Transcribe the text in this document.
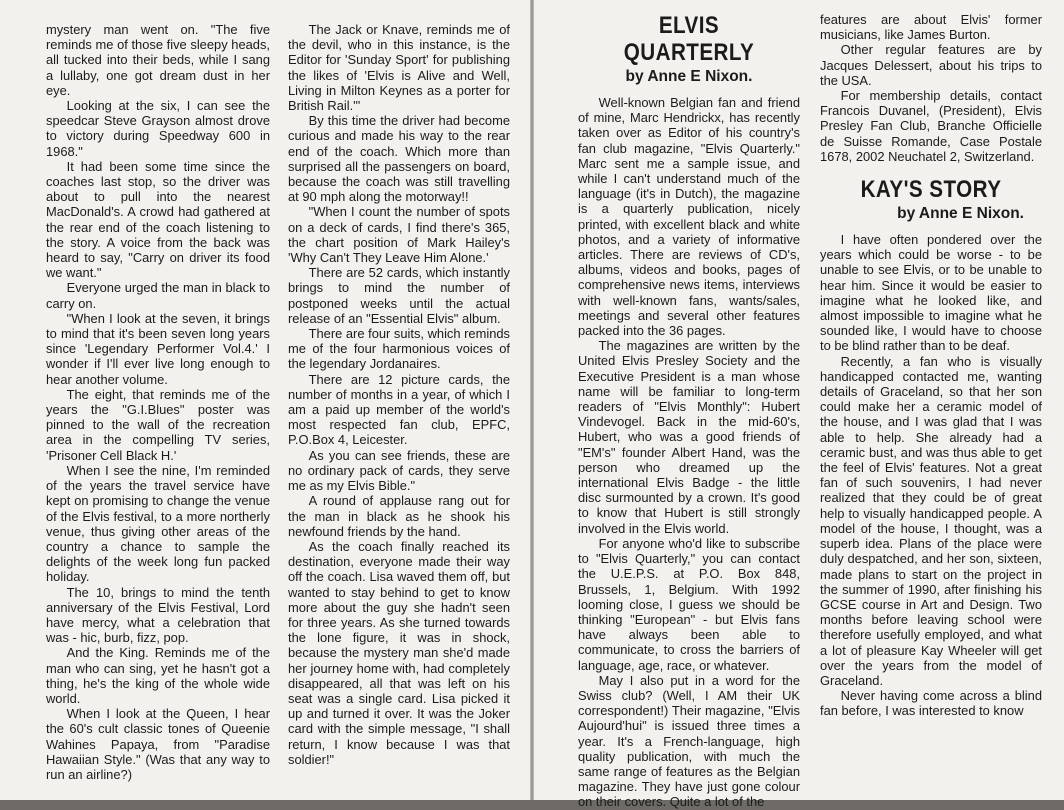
mystery man went on. "The five reminds me of those five sleepy heads, all tucked into their beds, while I sang a lullaby, one got dream dust in her eye.

Looking at the six, I can see the speedcar Steve Grayson almost drove to victory during Speedway 600 in 1968."

It had been some time since the coaches last stop, so the driver was about to pull into the nearest MacDonald's. A crowd had gathered at the rear end of the coach listening to the story. A voice from the back was heard to say, "Carry on driver its food we want."

Everyone urged the man in black to carry on.

"When I look at the seven, it brings to mind that it's been seven long years since 'Legendary Performer Vol.4.' I wonder if I'll ever live long enough to hear another volume.

The eight, that reminds me of the years the "G.I.Blues" poster was pinned to the wall of the recreation area in the compelling TV series, 'Prisoner Cell Black H.'

When I see the nine, I'm reminded of the years the travel service have kept on promising to change the venue of the Elvis festival, to a more northerly venue, thus giving other areas of the country a chance to sample the delights of the week long fun packed holiday.

The 10, brings to mind the tenth anniversary of the Elvis Festival, Lord have mercy, what a celebration that was - hic, burb, fizz, pop.

And the King. Reminds me of the man who can sing, yet he hasn't got a thing, he's the king of the whole wide world.

When I look at the Queen, I hear the 60's cult classic tones of Queenie Wahines Papaya, from "Paradise Hawaiian Style." (Was that any way to run an airline?)

The Jack or Knave, reminds me of the devil, who in this instance, is the Editor for 'Sunday Sport' for publishing the likes of 'Elvis is Alive and Well, Living in Milton Keynes as a porter for British Rail.'"

By this time the driver had become curious and made his way to the rear end of the coach. Which more than surprised all the passengers on board, because the coach was still travelling at 90 mph along the motorway!!

"When I count the number of spots on a deck of cards, I find there's 365, the chart position of Mark Hailey's 'Why Can't They Leave Him Alone.'

There are 52 cards, which instantly brings to mind the number of postponed weeks until the actual release of an "Essential Elvis" album.

There are four suits, which reminds me of the four harmonious voices of the legendary Jordanaires.

There are 12 picture cards, the number of months in a year, of which I am a paid up member of the world's most respected fan club, EPFC, P.O.Box 4, Leicester.

As you can see friends, these are no ordinary pack of cards, they serve me as my Elvis Bible."

A round of applause rang out for the man in black as he shook his newfound friends by the hand.

As the coach finally reached its destination, everyone made their way off the coach. Lisa waved them off, but wanted to stay behind to get to know more about the guy she hadn't seen for three years. As she turned towards the lone figure, it was in shock, because the mystery man she'd made her journey home with, had completely disappeared, all that was left on his seat was a single card. Lisa picked it up and turned it over. It was the Joker card with the simple message, "I shall return, I know because I was that soldier!"

ELVIS QUARTERLY
by Anne E Nixon.

Well-known Belgian fan and friend of mine, Marc Hendrickx, has recently taken over as Editor of his country's fan club magazine, "Elvis Quarterly." Marc sent me a sample issue, and while I can't understand much of the language (it's in Dutch), the magazine is a quarterly publication, nicely printed, with excellent black and white photos, and a variety of informative articles. There are reviews of CD's, albums, videos and books, pages of comprehensive news items, interviews with well-known fans, wants/sales, meetings and several other features packed into the 36 pages.

The magazines are written by the United Elvis Presley Society and the Executive President is a man whose name will be familiar to long-term readers of "Elvis Monthly": Hubert Vindevogel. Back in the mid-60's, Hubert, who was a good friends of "EM's" founder Albert Hand, was the person who dreamed up the international Elvis Badge - the little disc surmounted by a crown. It's good to know that Hubert is still strongly involved in the Elvis world.

For anyone who'd like to subscribe to "Elvis Quarterly," you can contact the U.E.P.S. at P.O. Box 848, Brussels, 1, Belgium. With 1992 looming close, I guess we should be thinking "European" - but Elvis fans have always been able to communicate, to cross the barriers of language, age, race, or whatever.

May I also put in a word for the Swiss club? (Well, I AM their UK correspondent!) Their magazine, "Elvis Aujourd'hui" is issued three times a year. It's a French-language, high quality publication, with much the same range of features as the Belgian magazine. They have just gone colour on their covers. Quite a lot of the

features are about Elvis' former musicians, like James Burton.

Other regular features are by Jacques Delessert, about his trips to the USA.

For membership details, contact Francois Duvanel, (President), Elvis Presley Fan Club, Branche Officielle de Suisse Romande, Case Postale 1678, 2002 Neuchatel 2, Switzerland.

KAY'S STORY
by Anne E Nixon.

I have often pondered over the years which could be worse - to be unable to see Elvis, or to be unable to hear him. Since it would be easier to imagine what he looked like, and almost impossible to imagine what he sounded like, I would have to choose to be blind rather than to be deaf.

Recently, a fan who is visually handicapped contacted me, wanting details of Graceland, so that her son could make her a ceramic model of the house, and I was glad that I was able to help. She already had a ceramic bust, and was thus able to get the feel of Elvis' features. Not a great fan of such souvenirs, I had never realized that they could be of great help to visually handicapped people. A model of the house, I thought, was a superb idea. Plans of the place were duly despatched, and her son, sixteen, made plans to start on the project in the summer of 1990, after finishing his GCSE course in Art and Design. Two months before leaving school were therefore usefully employed, and what a lot of pleasure Kay Wheeler will get over the years from the model of Graceland.

Never having come across a blind fan before, I was interested to know
